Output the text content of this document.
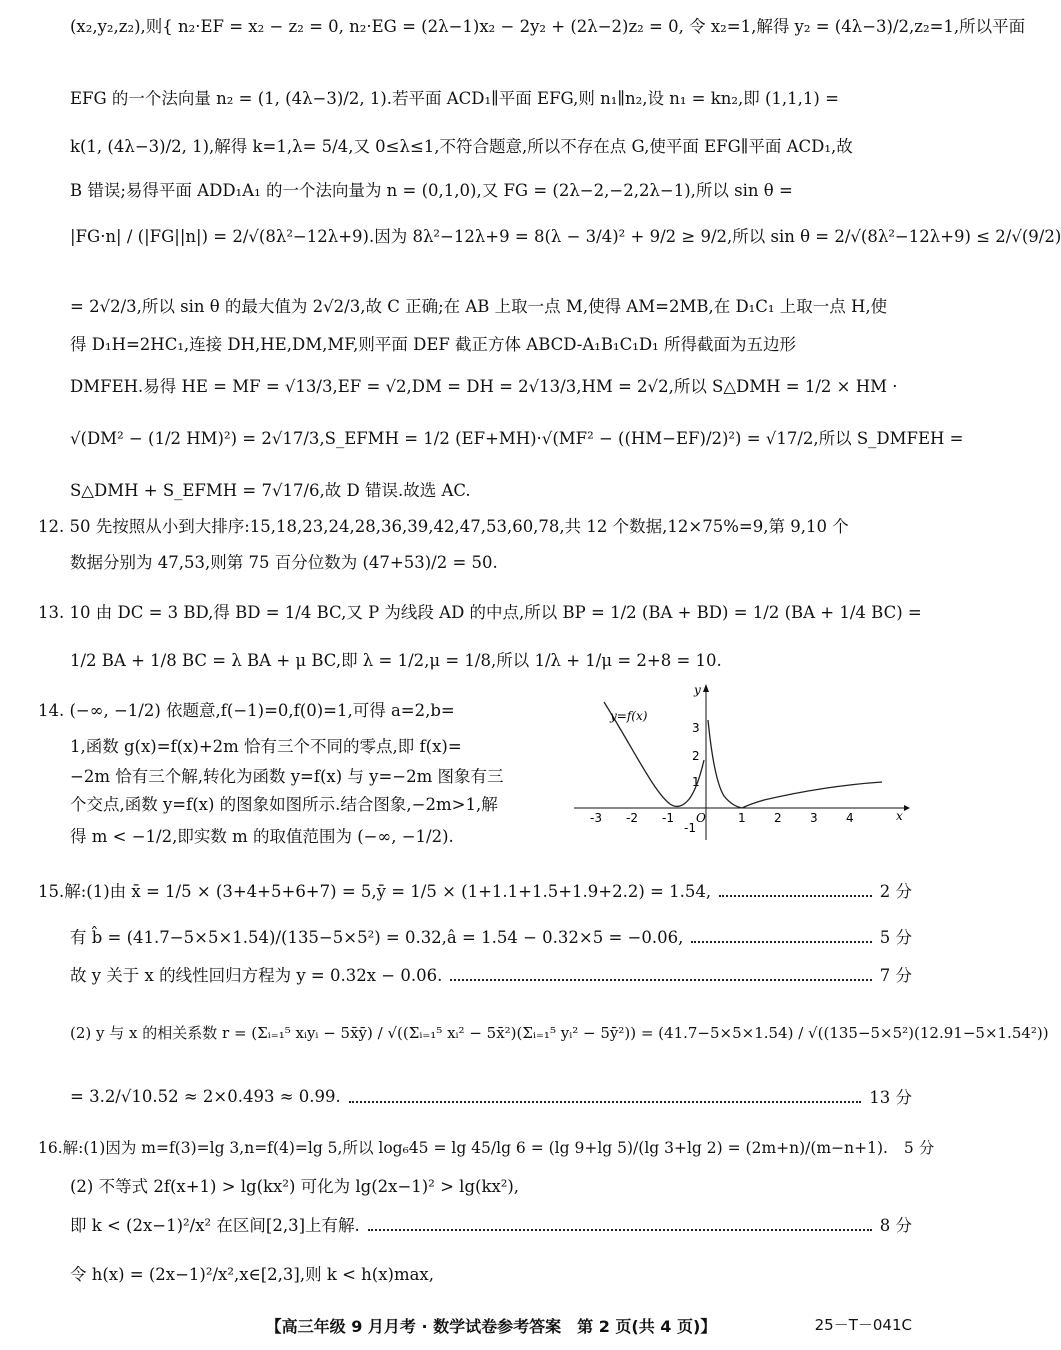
(x₂,y₂,z₂),则{ n₂·EF = x₂ − z₂ = 0, n₂·EG = (2λ−1)x₂ − 2y₂ + (2λ−2)z₂ = 0, 令 x₂=1,解得 y₂ = (4λ−3)/2,z₂=1,所以平面
EFG 的一个法向量 n₂ = (1, (4λ−3)/2, 1).若平面 ACD₁∥平面 EFG,则 n₁∥n₂,设 n₁ = kn₂,即 (1,1,1) =
k(1, (4λ−3)/2, 1),解得 k=1,λ= 5/4,又 0≤λ≤1,不符合题意,所以不存在点 G,使平面 EFG∥平面 ACD₁,故
B 错误;易得平面 ADD₁A₁ 的一个法向量为 n = (0,1,0),又 FG = (2λ−2,−2,2λ−1),所以 sin θ =
|FG·n| / (|FG||n|) = 2/√(8λ²−12λ+9).因为 8λ²−12λ+9 = 8(λ − 3/4)² + 9/2 ≥ 9/2,所以 sin θ = 2/√(8λ²−12λ+9) ≤ 2/√(9/2)
= 2√2/3,所以 sin θ 的最大值为 2√2/3,故 C 正确;在 AB 上取一点 M,使得 AM=2MB,在 D₁C₁ 上取一点 H,使
得 D₁H=2HC₁,连接 DH,HE,DM,MF,则平面 DEF 截正方体 ABCD-A₁B₁C₁D₁ 所得截面为五边形
DMFEH.易得 HE = MF = √13/3,EF = √2,DM = DH = 2√13/3,HM = 2√2,所以 S△DMH = 1/2 × HM ·
√(DM² − (1/2 HM)²) = 2√17/3,S_EFMH = 1/2 (EF+MH)·√(MF² − ((HM−EF)/2)²) = √17/2,所以 S_DMFEH =
S△DMH + S_EFMH = 7√17/6,故 D 错误.故选 AC.
12. 50 先按照从小到大排序:15,18,23,24,28,36,39,42,47,53,60,78,共 12 个数据,12×75%=9,第 9,10 个
数据分别为 47,53,则第 75 百分位数为 (47+53)/2 = 50.
13. 10 由 DC = 3 BD,得 BD = 1/4 BC,又 P 为线段 AD 的中点,所以 BP = 1/2 (BA + BD) = 1/2 (BA + 1/4 BC) =
1/2 BA + 1/8 BC = λ BA + μ BC,即 λ = 1/2,μ = 1/8,所以 1/λ + 1/μ = 2+8 = 10.
14. (−∞, −1/2) 依题意,f(−1)=0,f(0)=1,可得 a=2,b=
1,函数 g(x)=f(x)+2m 恰有三个不同的零点,即 f(x)=
−2m 恰有三个解,转化为函数 y=f(x) 与 y=−2m 图象有三
个交点,函数 y=f(x) 的图象如图所示.结合图象,−2m>1,解
得 m < −1/2,即实数 m 的取值范围为 (−∞, −1/2).
x
y
O
-3 -2 -1	1 2 3 4
3
2
1
-1
y=f(x)
15.解:(1)由 x̄ = 1/5 × (3+4+5+6+7) = 5,ȳ = 1/5 × (1+1.1+1.5+1.9+2.2) = 1.54,	2 分
有 b̂ = (41.7−5×5×1.54)/(135−5×5²) = 0.32,â = 1.54 − 0.32×5 = −0.06,	5 分
故 y 关于 x 的线性回归方程为 y = 0.32x − 0.06.	7 分
(2) y 与 x 的相关系数 r = (Σᵢ₌₁⁵ xᵢyᵢ − 5x̄ȳ) / √((Σᵢ₌₁⁵ xᵢ² − 5x̄²)(Σᵢ₌₁⁵ yᵢ² − 5ȳ²)) = (41.7−5×5×1.54) / √((135−5×5²)(12.91−5×1.54²))
= 3.2/√10.52 ≈ 2×0.493 ≈ 0.99.	13 分
16.解:(1)因为 m=f(3)=lg 3,n=f(4)=lg 5,所以 log₆45 = lg 45/lg 6 = (lg 9+lg 5)/(lg 3+lg 2) = (2m+n)/(m−n+1). 5 分
(2) 不等式 2f(x+1) > lg(kx²) 可化为 lg(2x−1)² > lg(kx²),
即 k < (2x−1)²/x² 在区间[2,3]上有解.	8 分
令 h(x) = (2x−1)²/x²,x∈[2,3],则 k < h(x)max,
【高三年级 9 月月考 · 数学试卷参考答案　第 2 页(共 4 页)】	25－T－041C
